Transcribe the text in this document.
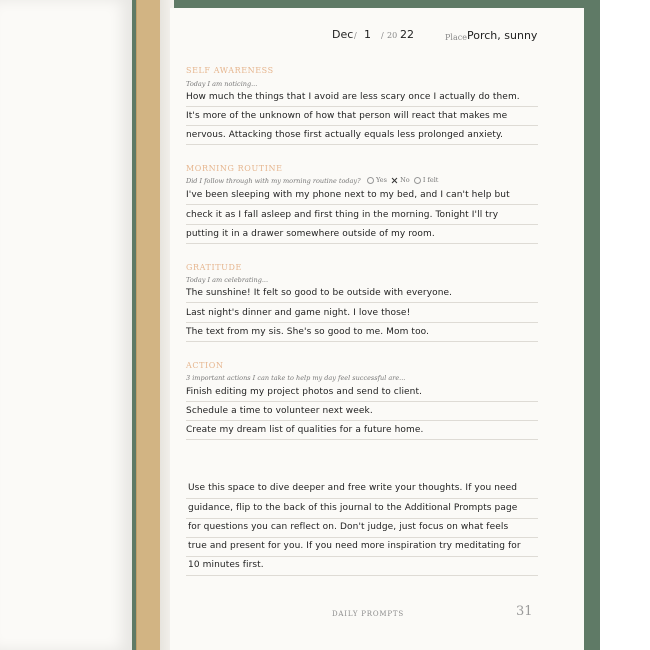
Dec / 1 / 20 22	Place Porch, sunny
SELF AWARENESS
Today I am noticing...
How much the things that I avoid are less scary once I actually do them.
It's more of the unknown of how that person will react that makes me
nervous. Attacking those first actually equals less prolonged anxiety.
MORNING ROUTINE
Did I follow through with my morning routine today?	Yes No I felt
I've been sleeping with my phone next to my bed, and I can't help but
check it as I fall asleep and first thing in the morning. Tonight I'll try
putting it in a drawer somewhere outside of my room.
GRATITUDE
Today I am celebrating...
The sunshine! It felt so good to be outside with everyone.
Last night's dinner and game night. I love those!
The text from my sis. She's so good to me. Mom too.
ACTION
3 important actions I can take to help my day feel successful are...
Finish editing my project photos and send to client.
Schedule a time to volunteer next week.
Create my dream list of qualities for a future home.
Use this space to dive deeper and free write your thoughts. If you need
guidance, flip to the back of this journal to the Additional Prompts page
for questions you can reflect on. Don't judge, just focus on what feels
true and present for you. If you need more inspiration try meditating for
10 minutes first.
DAILY PROMPTS	31
